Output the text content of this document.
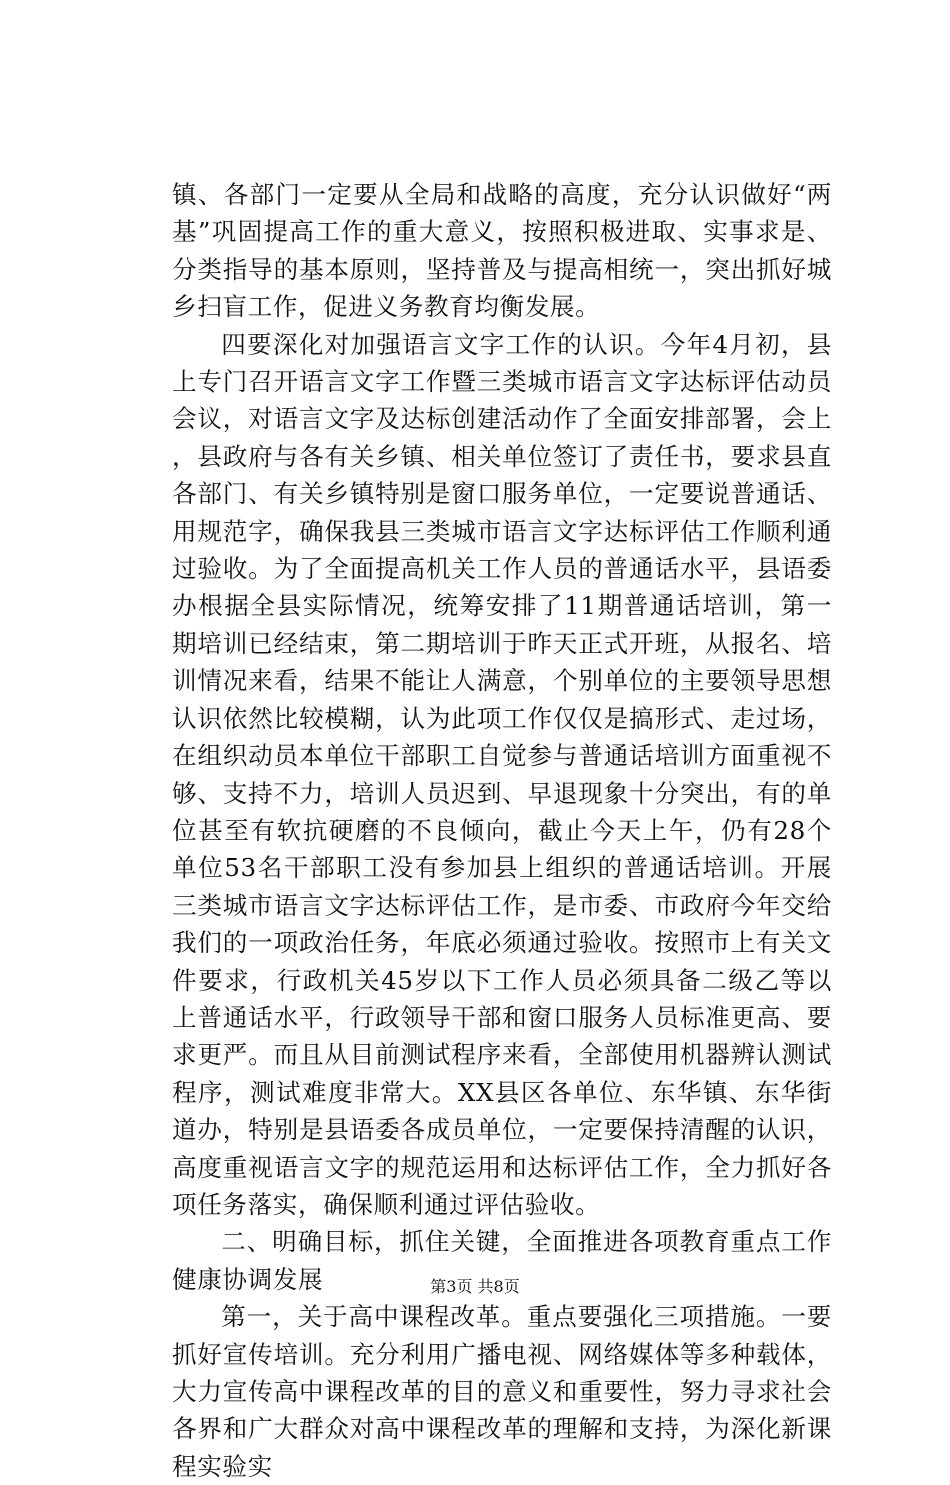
镇、各部门一定要从全局和战略的高度，充分认识做好“两基”巩固提高工作的重大意义，按照积极进取、实事求是、分类指导的基本原则，坚持普及与提高相统一，突出抓好城乡扫盲工作，促进义务教育均衡发展。

四要深化对加强语言文字工作的认识。今年4月初，县上专门召开语言文字工作暨三类城市语言文字达标评估动员会议，对语言文字及达标创建活动作了全面安排部署，会上，县政府与各有关乡镇、相关单位签订了责任书，要求县直各部门、有关乡镇特别是窗口服务单位，一定要说普通话、用规范字，确保我县三类城市语言文字达标评估工作顺利通过验收。为了全面提高机关工作人员的普通话水平，县语委办根据全县实际情况，统筹安排了11期普通话培训，第一期培训已经结束，第二期培训于昨天正式开班，从报名、培训情况来看，结果不能让人满意，个别单位的主要领导思想认识依然比较模糊，认为此项工作仅仅是搞形式、走过场，在组织动员本单位干部职工自觉参与普通话培训方面重视不够、支持不力，培训人员迟到、早退现象十分突出，有的单位甚至有软抗硬磨的不良倾向，截止今天上午，仍有28个单位53名干部职工没有参加县上组织的普通话培训。开展三类城市语言文字达标评估工作，是市委、市政府今年交给我们的一项政治任务，年底必须通过验收。按照市上有关文件要求，行政机关45岁以下工作人员必须具备二级乙等以上普通话水平，行政领导干部和窗口服务人员标准更高、要求更严。而且从目前测试程序来看，全部使用机器辨认测试程序，测试难度非常大。XX县区各单位、东华镇、东华街道办，特别是县语委各成员单位，一定要保持清醒的认识，高度重视语言文字的规范运用和达标评估工作，全力抓好各项任务落实，确保顺利通过评估验收。

二、明确目标，抓住关键，全面推进各项教育重点工作健康协调发展

第一，关于高中课程改革。重点要强化三项措施。一要抓好宣传培训。充分利用广播电视、网络媒体等多种载体，大力宣传高中课程改革的目的意义和重要性，努力寻求社会各界和广大群众对高中课程改革的理解和支持，为深化新课程实验实

第3页 共8页
